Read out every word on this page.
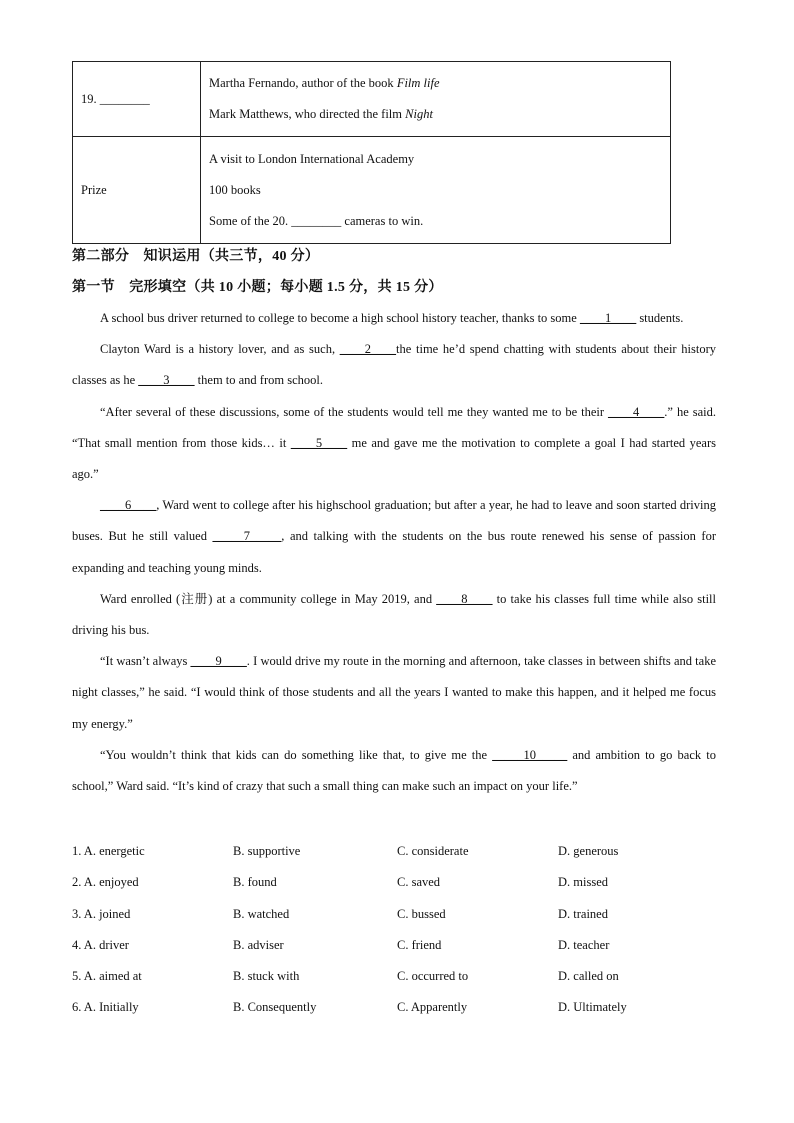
19. ________	Martha Fernando, author of the book Film life
Mark Matthews, who directed the film Night

Prize	A visit to London International Academy
100 books
Some of the 20. ________ cameras to win.
第二部分　知识运用（共三节，40 分）
第一节　完形填空（共 10 小题；每小题 1.5 分，共 15 分）

A school bus driver returned to college to become a high school history teacher, thanks to some ____1____ students.

Clayton Ward is a history lover, and as such, ____2____the time he’d spend chatting with students about their history classes as he ____3____ them to and from school.

“After several of these discussions, some of the students would tell me they wanted me to be their ____4____.” he said. “That small mention from those kids… it ____5____ me and gave me the motivation to complete a goal I had started years ago.”

____6____, Ward went to college after his highschool graduation; but after a year, he had to leave and soon started driving buses. But he still valued _____7_____, and talking with the students on the bus route renewed his sense of passion for expanding and teaching young minds.

Ward enrolled (注册) at a community college in May 2019, and ____8____ to take his classes full time while also still driving his bus.

“It wasn’t always ____9____. I would drive my route in the morning and afternoon, take classes in between shifts and take night classes,” he said. “I would think of those students and all the years I wanted to make this happen, and it helped me focus my energy.”

“You wouldn’t think that kids can do something like that, to give me the _____10_____ and ambition to go back to school,” Ward said. “It’s kind of crazy that such a small thing can make such an impact on your life.”

1. A. energetic	B. supportive	C. considerate	D. generous
2. A. enjoyed	B. found	C. saved	D. missed
3. A. joined	B. watched	C. bussed	D. trained
4. A. driver	B. adviser	C. friend	D. teacher
5. A. aimed at	B. stuck with	C. occurred to	D. called on
6. A. Initially	B. Consequently	C. Apparently	D. Ultimately
